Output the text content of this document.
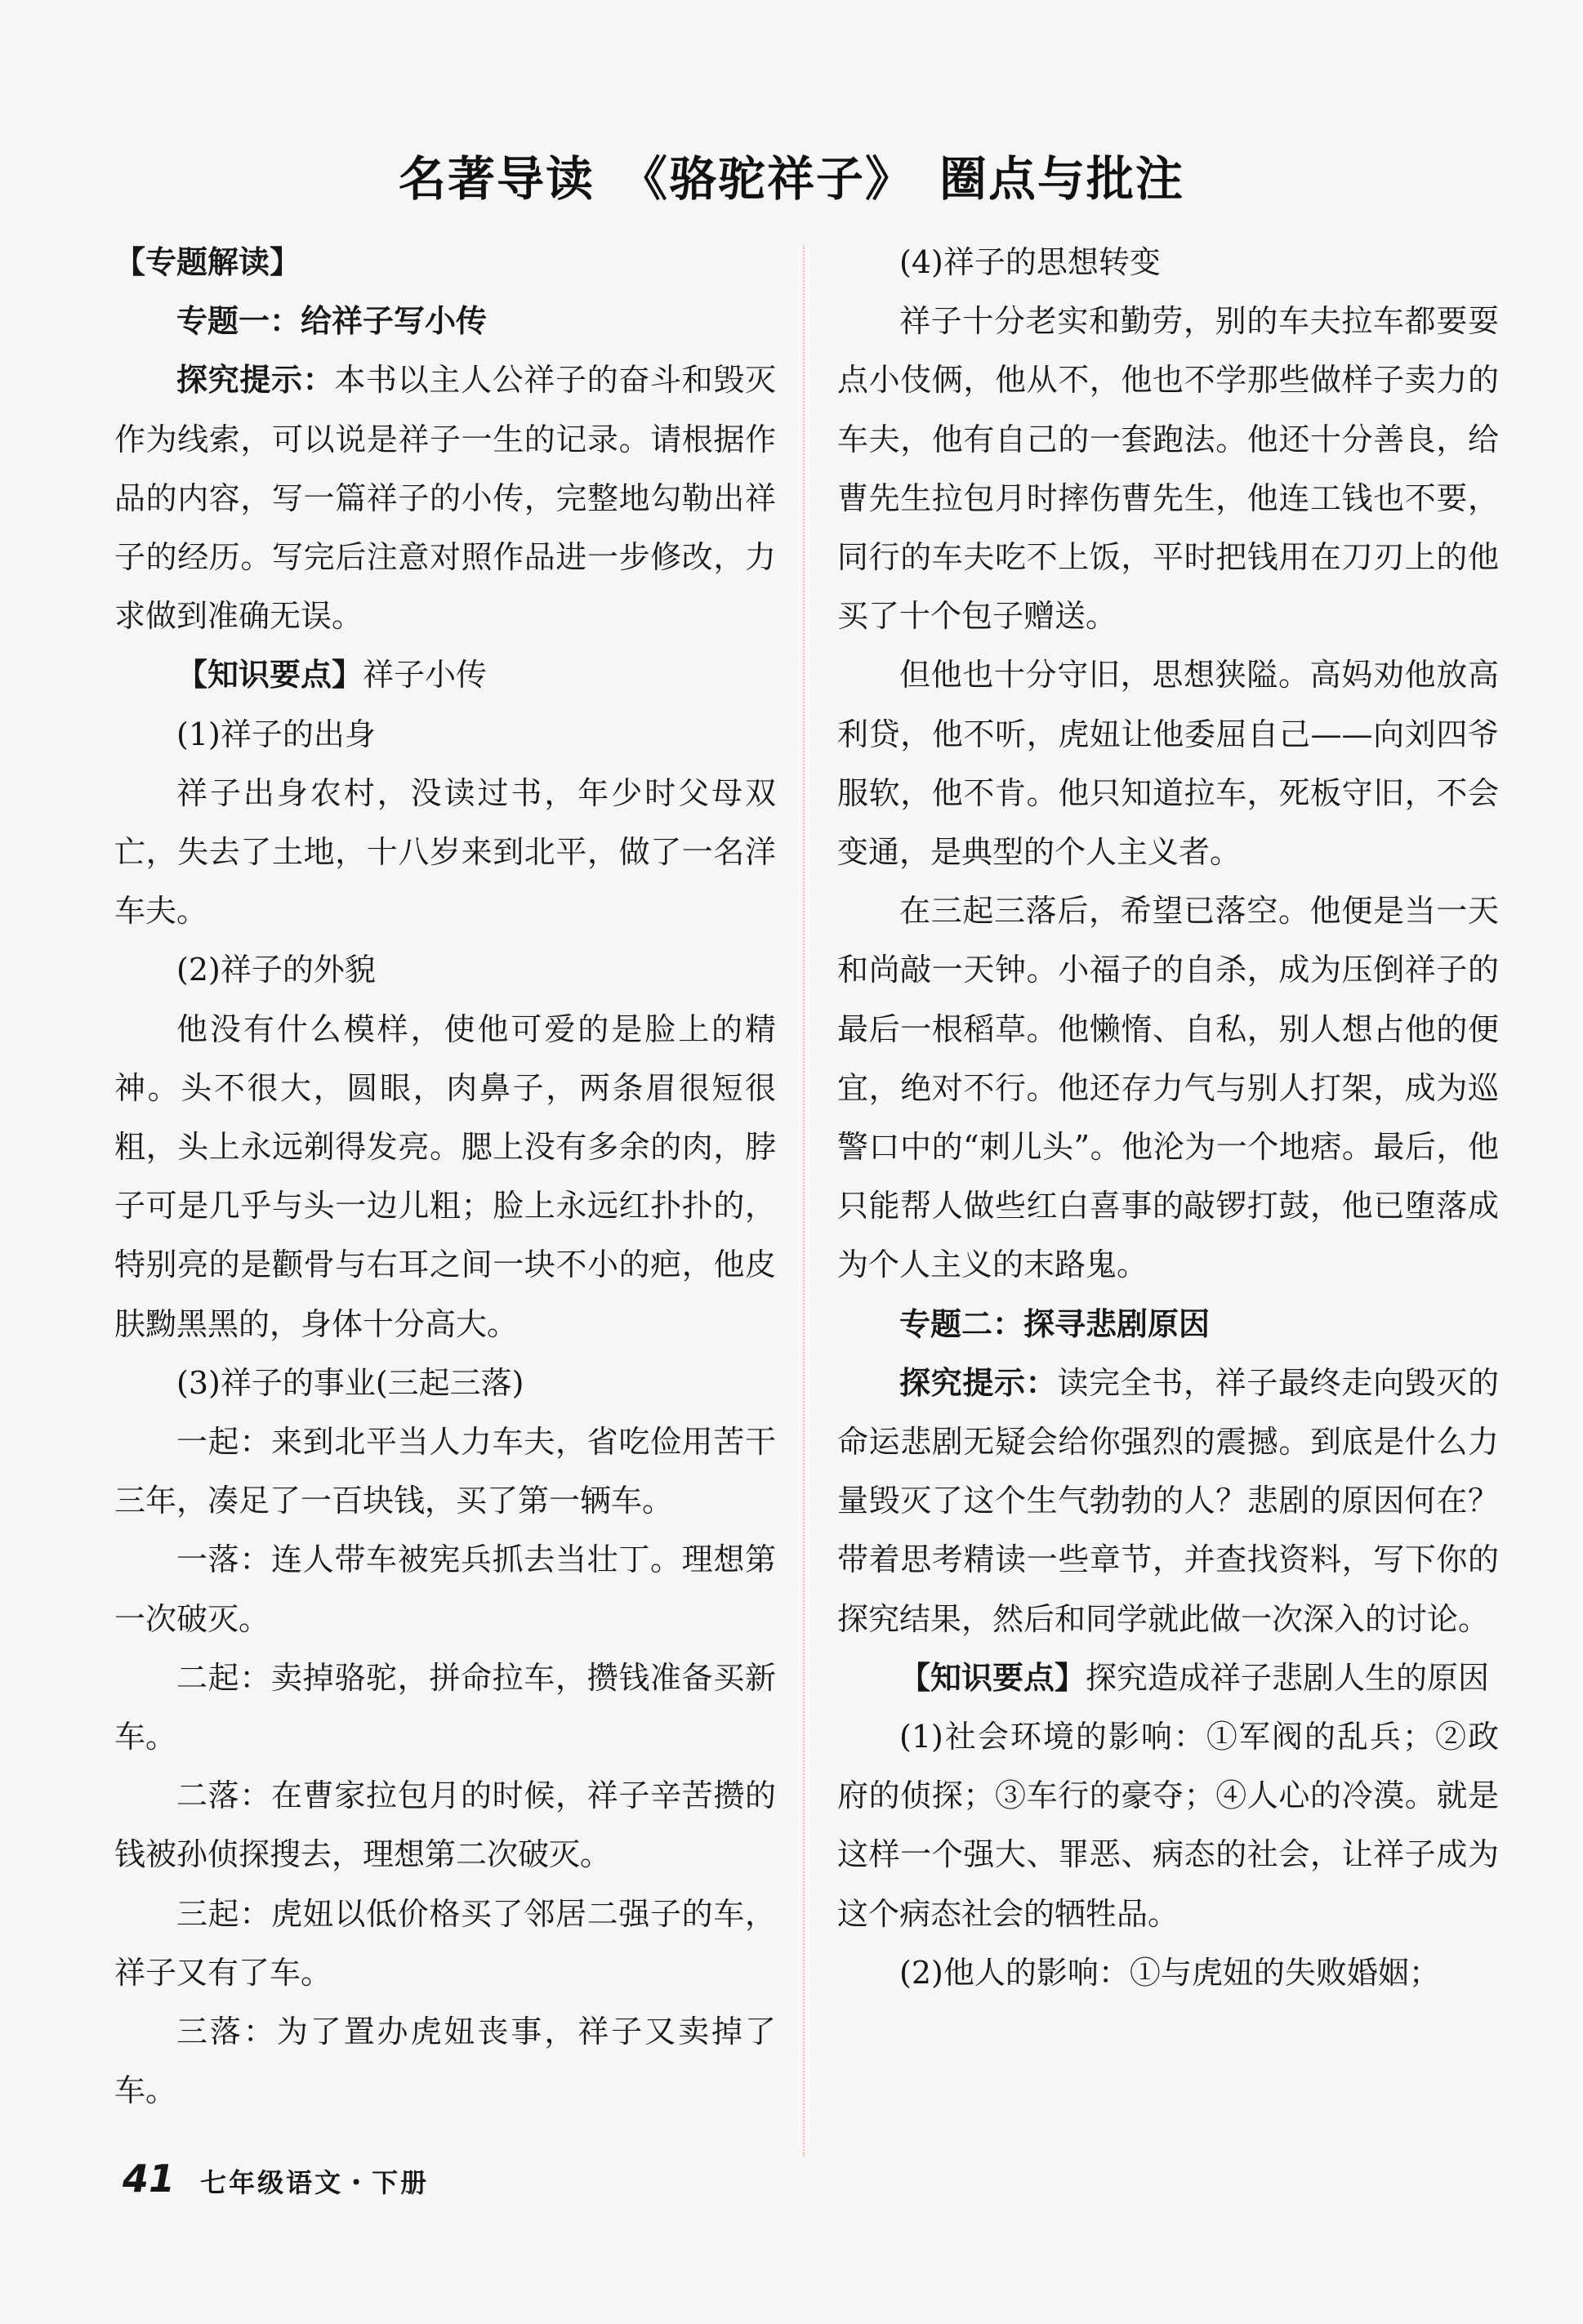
名著导读　《骆驼祥子》　圈点与批注

【专题解读】

专题一：给祥子写小传

探究提示：本书以主人公祥子的奋斗和毁灭作为线索，可以说是祥子一生的记录。请根据作品的内容，写一篇祥子的小传，完整地勾勒出祥子的经历。写完后注意对照作品进一步修改，力求做到准确无误。

【知识要点】祥子小传

(1)祥子的出身

祥子出身农村，没读过书，年少时父母双亡，失去了土地，十八岁来到北平，做了一名洋车夫。

(2)祥子的外貌

他没有什么模样，使他可爱的是脸上的精神。头不很大，圆眼，肉鼻子，两条眉很短很粗，头上永远剃得发亮。腮上没有多余的肉，脖子可是几乎与头一边儿粗；脸上永远红扑扑的，特别亮的是颧骨与右耳之间一块不小的疤，他皮肤黝黑黑的，身体十分高大。

(3)祥子的事业(三起三落)

一起：来到北平当人力车夫，省吃俭用苦干三年，凑足了一百块钱，买了第一辆车。

一落：连人带车被宪兵抓去当壮丁。理想第一次破灭。

二起：卖掉骆驼，拼命拉车，攒钱准备买新车。

二落：在曹家拉包月的时候，祥子辛苦攒的钱被孙侦探搜去，理想第二次破灭。

三起：虎妞以低价格买了邻居二强子的车，祥子又有了车。

三落：为了置办虎妞丧事，祥子又卖掉了车。

(4)祥子的思想转变

祥子十分老实和勤劳，别的车夫拉车都要耍点小伎俩，他从不，他也不学那些做样子卖力的车夫，他有自己的一套跑法。他还十分善良，给曹先生拉包月时摔伤曹先生，他连工钱也不要，同行的车夫吃不上饭，平时把钱用在刀刃上的他买了十个包子赠送。

但他也十分守旧，思想狭隘。高妈劝他放高利贷，他不听，虎妞让他委屈自己——向刘四爷服软，他不肯。他只知道拉车，死板守旧，不会变通，是典型的个人主义者。

在三起三落后，希望已落空。他便是当一天和尚敲一天钟。小福子的自杀，成为压倒祥子的最后一根稻草。他懒惰、自私，别人想占他的便宜，绝对不行。他还存力气与别人打架，成为巡警口中的“刺儿头”。他沦为一个地痞。最后，他只能帮人做些红白喜事的敲锣打鼓，他已堕落成为个人主义的末路鬼。

专题二：探寻悲剧原因

探究提示：读完全书，祥子最终走向毁灭的命运悲剧无疑会给你强烈的震撼。到底是什么力量毁灭了这个生气勃勃的人？悲剧的原因何在？带着思考精读一些章节，并查找资料，写下你的探究结果，然后和同学就此做一次深入的讨论。

【知识要点】探究造成祥子悲剧人生的原因

(1)社会环境的影响：①军阀的乱兵；②政府的侦探；③车行的豪夺；④人心的冷漠。就是这样一个强大、罪恶、病态的社会，让祥子成为这个病态社会的牺牲品。

(2)他人的影响：①与虎妞的失败婚姻；

41 七年级语文・下册
